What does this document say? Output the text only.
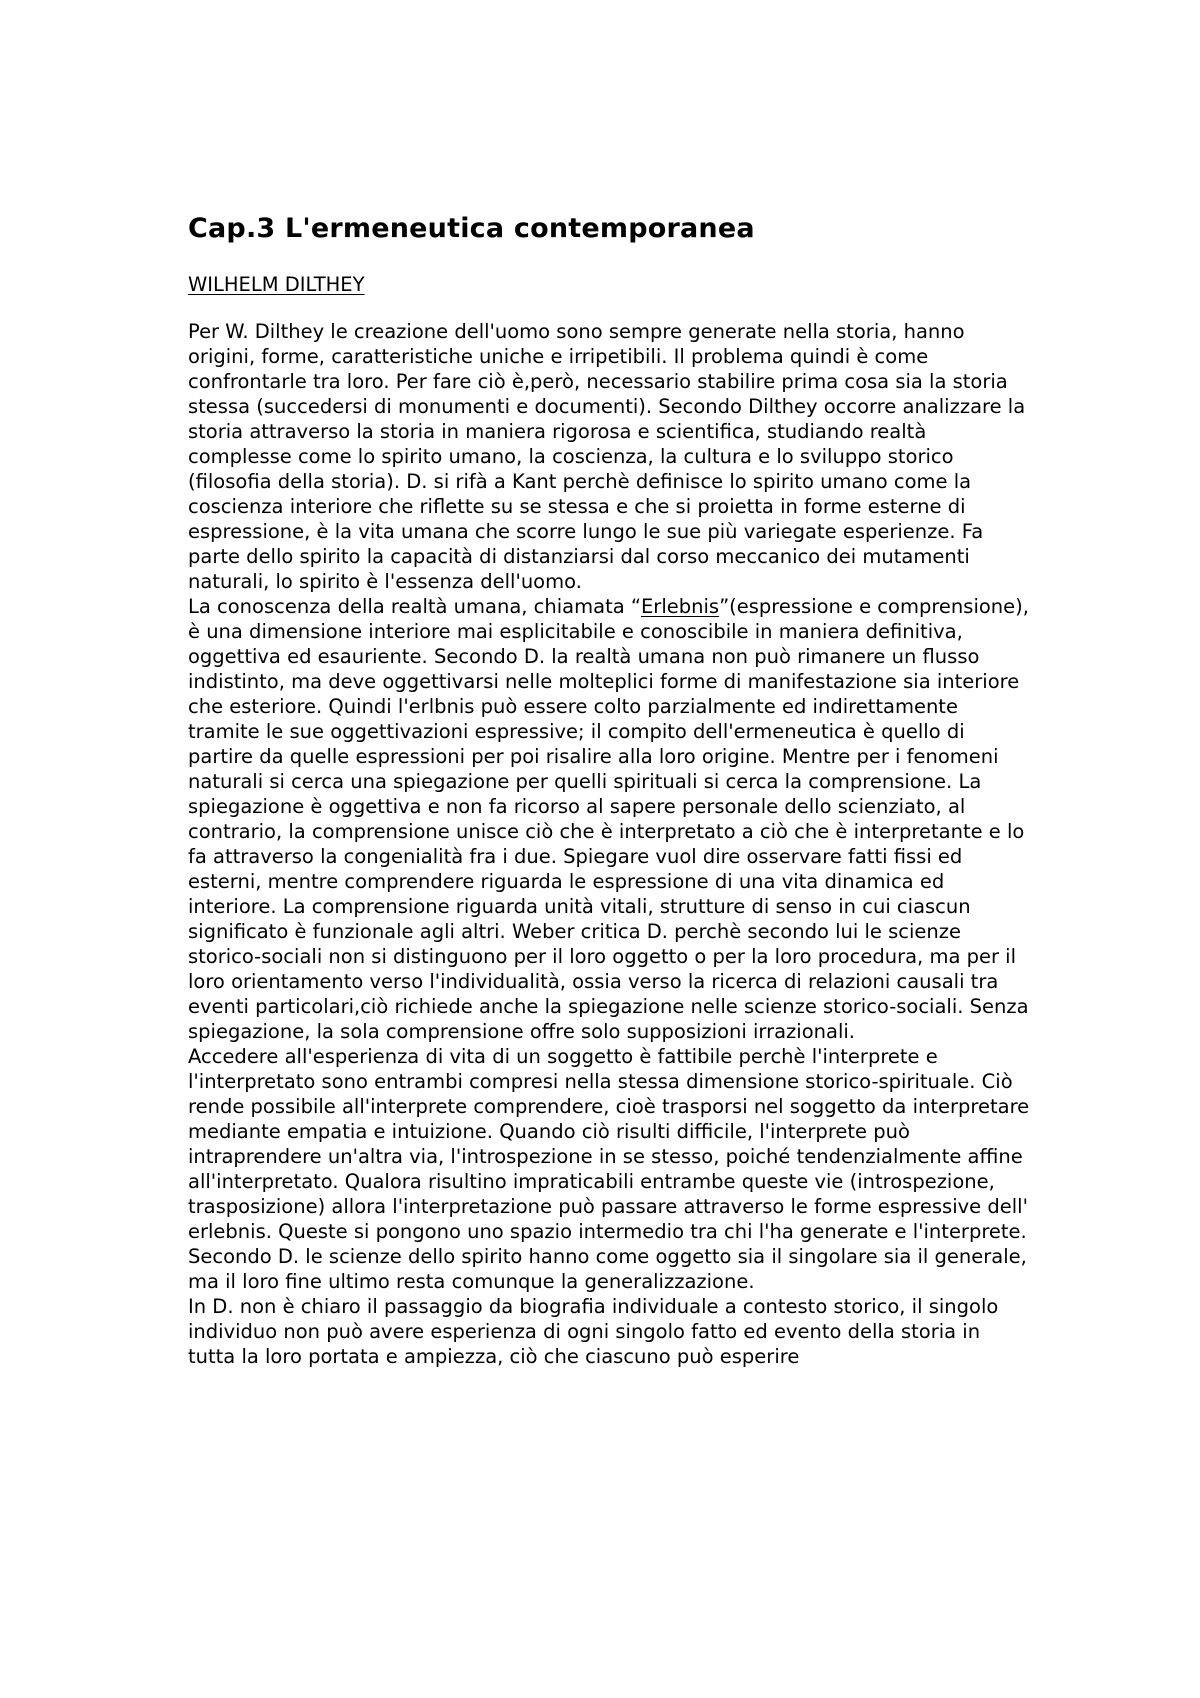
Cap.3 L'ermeneutica contemporanea
WILHELM DILTHEY

Per W. Dilthey le creazione dell'uomo sono sempre generate nella storia, hanno origini, forme, caratteristiche uniche e irripetibili. Il problema quindi è come confrontarle tra loro. Per fare ciò è,però, necessario stabilire prima cosa sia la storia stessa (succedersi di monumenti e documenti). Secondo Dilthey occorre analizzare la storia attraverso la storia in maniera rigorosa e scientifica, studiando realtà complesse come lo spirito umano, la coscienza, la cultura e lo sviluppo storico (filosofia della storia). D. si rifà a Kant perchè definisce lo spirito umano come la coscienza interiore che riflette su se stessa e che si proietta in forme esterne di espressione, è la vita umana che scorre lungo le sue più variegate esperienze. Fa parte dello spirito la capacità di distanziarsi dal corso meccanico dei mutamenti naturali, lo spirito è l'essenza dell'uomo.

La conoscenza della realtà umana, chiamata “Erlebnis”(espressione e comprensione), è una dimensione interiore mai esplicitabile e conoscibile in maniera definitiva, oggettiva ed esauriente. Secondo D. la realtà umana non può rimanere un flusso indistinto, ma deve oggettivarsi nelle molteplici forme di manifestazione sia interiore che esteriore. Quindi l'erlbnis può essere colto parzialmente ed indirettamente tramite le sue oggettivazioni espressive; il compito dell'ermeneutica è quello di partire da quelle espressioni per poi risalire alla loro origine. Mentre per i fenomeni naturali si cerca una spiegazione per quelli spirituali si cerca la comprensione. La spiegazione è oggettiva e non fa ricorso al sapere personale dello scienziato, al contrario, la comprensione unisce ciò che è interpretato a ciò che è interpretante e lo fa attraverso la congenialità fra i due. Spiegare vuol dire osservare fatti fissi ed esterni, mentre comprendere riguarda le espressione di una vita dinamica ed interiore. La comprensione riguarda unità vitali, strutture di senso in cui ciascun significato è funzionale agli altri. Weber critica D. perchè secondo lui le scienze storico-sociali non si distinguono per il loro oggetto o per la loro procedura, ma per il loro orientamento verso l'individualità, ossia verso la ricerca di relazioni causali tra eventi particolari,ciò richiede anche la spiegazione nelle scienze storico-sociali. Senza spiegazione, la sola comprensione offre solo supposizioni irrazionali.

Accedere all'esperienza di vita di un soggetto è fattibile perchè l'interprete e l'interpretato sono entrambi compresi nella stessa dimensione storico-spirituale. Ciò rende possibile all'interprete comprendere, cioè trasporsi nel soggetto da interpretare mediante empatia e intuizione. Quando ciò risulti difficile, l'interprete può intraprendere un'altra via, l'introspezione in se stesso, poiché tendenzialmente affine all'interpretato. Qualora risultino impraticabili entrambe queste vie (introspezione, trasposizione) allora l'interpretazione può passare attraverso le forme espressive dell' erlebnis. Queste si pongono uno spazio intermedio tra chi l'ha generate e l'interprete. Secondo D. le scienze dello spirito hanno come oggetto sia il singolare sia il generale, ma il loro fine ultimo resta comunque la generalizzazione.

In D. non è chiaro il passaggio da biografia individuale a contesto storico, il singolo individuo non può avere esperienza di ogni singolo fatto ed evento della storia in tutta la loro portata e ampiezza, ciò che ciascuno può esperire
